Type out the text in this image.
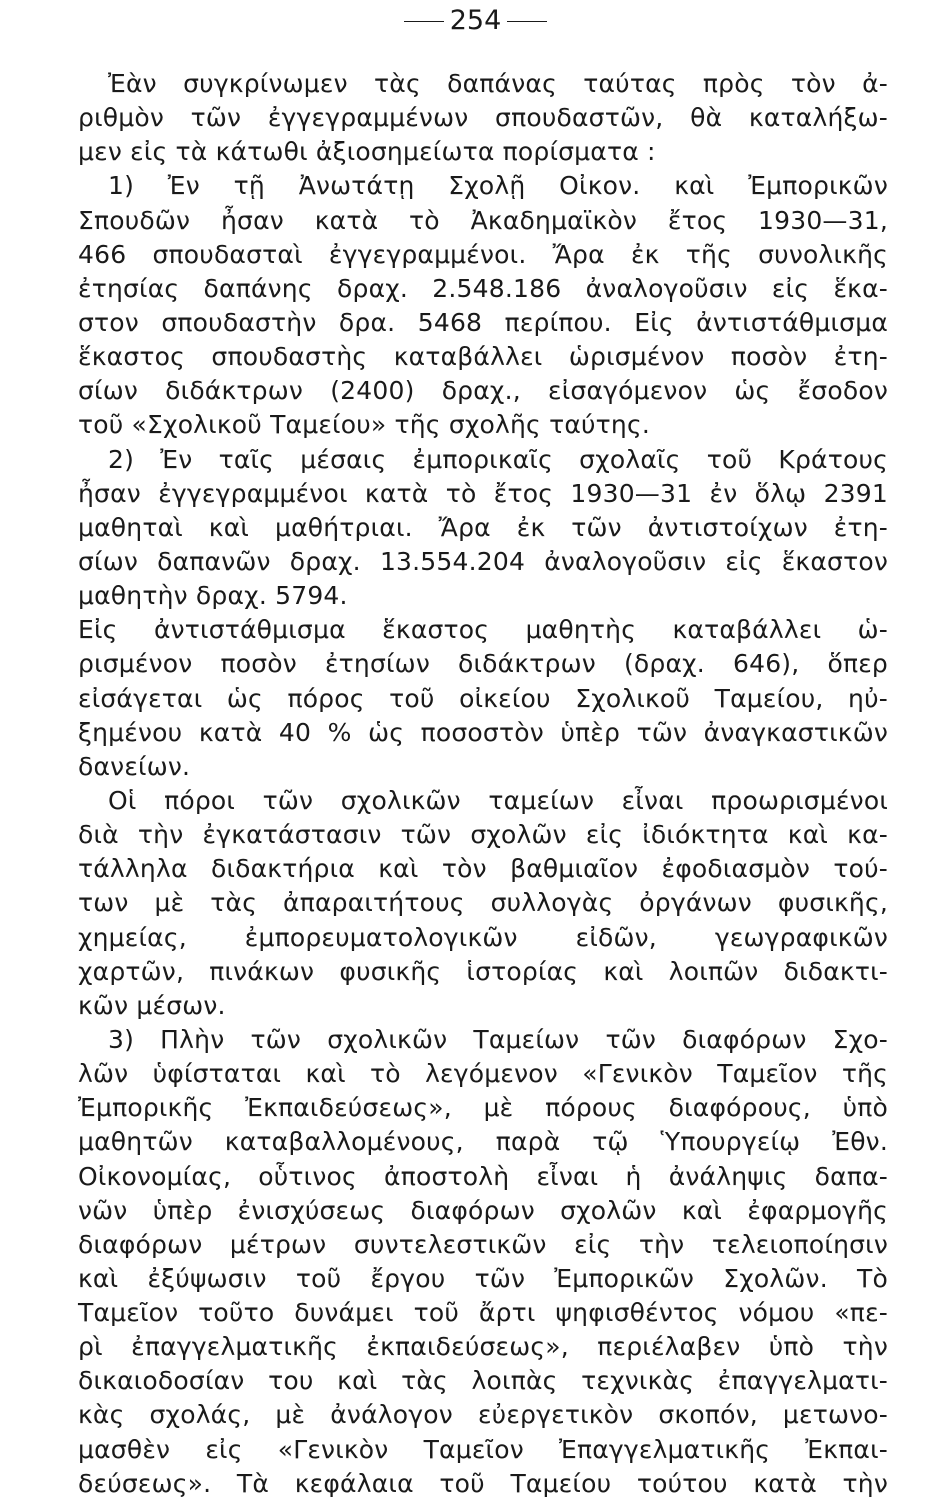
254
Ἐὰν συγκρίνωμεν τὰς δαπάνας ταύτας πρὸς τὸν ἀ-
ριθμὸν τῶν ἐγγεγραμμένων σπουδαστῶν, θὰ καταλήξω-
μεν εἰς τὰ κάτωθι ἀξιοσημείωτα πορίσματα :
1) Ἐν τῇ Ἀνωτάτῃ Σχολῇ Οἰκον. καὶ Ἐμπορικῶν
Σπουδῶν ἦσαν κατὰ τὸ Ἀκαδημαϊκὸν ἔτος 1930—31,
466 σπουδασταὶ ἐγγεγραμμένοι. Ἄρα ἐκ τῆς συνολικῆς
ἐτησίας δαπάνης δραχ. 2.548.186 ἀναλογοῦσιν εἰς ἕκα-
στον σπουδαστὴν δρα. 5468 περίπου. Εἰς ἀντιστάθμισμα
ἕκαστος σπουδαστὴς καταβάλλει ὡρισμένον ποσὸν ἐτη-
σίων διδάκτρων (2400) δραχ., εἰσαγόμενον ὡς ἔσοδον
τοῦ «Σχολικοῦ Ταμείου» τῆς σχολῆς ταύτης.
2) Ἐν ταῖς μέσαις ἐμπορικαῖς σχολαῖς τοῦ Κράτους
ἦσαν ἐγγεγραμμένοι κατὰ τὸ ἔτος 1930—31 ἐν ὅλῳ 2391
μαθηταὶ καὶ μαθήτριαι. Ἄρα ἐκ τῶν ἀντιστοίχων ἐτη-
σίων δαπανῶν δραχ. 13.554.204 ἀναλογοῦσιν εἰς ἕκαστον
μαθητὴν δραχ. 5794.
Εἰς ἀντιστάθμισμα ἕκαστος μαθητὴς καταβάλλει ὡ-
ρισμένον ποσὸν ἐτησίων διδάκτρων (δραχ. 646), ὅπερ
εἰσάγεται ὡς πόρος τοῦ οἰκείου Σχολικοῦ Ταμείου, ηὐ-
ξημένου κατὰ 40 % ὡς ποσοστὸν ὑπὲρ τῶν ἀναγκαστικῶν
δανείων.
Οἱ πόροι τῶν σχολικῶν ταμείων εἶναι προωρισμένοι
διὰ τὴν ἐγκατάστασιν τῶν σχολῶν εἰς ἰδιόκτητα καὶ κα-
τάλληλα διδακτήρια καὶ τὸν βαθμιαῖον ἐφοδιασμὸν τού-
των μὲ τὰς ἀπαραιτήτους συλλογὰς ὀργάνων φυσικῆς,
χημείας, ἐμπορευματολογικῶν εἰδῶν, γεωγραφικῶν
χαρτῶν, πινάκων φυσικῆς ἱστορίας καὶ λοιπῶν διδακτι-
κῶν μέσων.
3) Πλὴν τῶν σχολικῶν Ταμείων τῶν διαφόρων Σχο-
λῶν ὑφίσταται καὶ τὸ λεγόμενον «Γενικὸν Ταμεῖον τῆς
Ἐμπορικῆς Ἐκπαιδεύσεως», μὲ πόρους διαφόρους, ὑπὸ
μαθητῶν καταβαλλομένους, παρὰ τῷ Ὑπουργείῳ Ἐθν.
Οἰκονομίας, οὗτινος ἀποστολὴ εἶναι ἡ ἀνάληψις δαπα-
νῶν ὑπὲρ ἐνισχύσεως διαφόρων σχολῶν καὶ ἐφαρμογῆς
διαφόρων μέτρων συντελεστικῶν εἰς τὴν τελειοποίησιν
καὶ ἐξύψωσιν τοῦ ἔργου τῶν Ἐμπορικῶν Σχολῶν. Τὸ
Ταμεῖον τοῦτο δυνάμει τοῦ ἄρτι ψηφισθέντος νόμου «πε-
ρὶ ἐπαγγελματικῆς ἐκπαιδεύσεως», περιέλαβεν ὑπὸ τὴν
δικαιοδοσίαν του καὶ τὰς λοιπὰς τεχνικὰς ἐπαγγελματι-
κὰς σχολάς, μὲ ἀνάλογον εὐεργετικὸν σκοπόν, μετωνο-
μασθὲν εἰς «Γενικὸν Ταμεῖον Ἐπαγγελματικῆς Ἐκπαι-
δεύσεως». Τὰ κεφάλαια τοῦ Ταμείου τούτου κατὰ τὴν
